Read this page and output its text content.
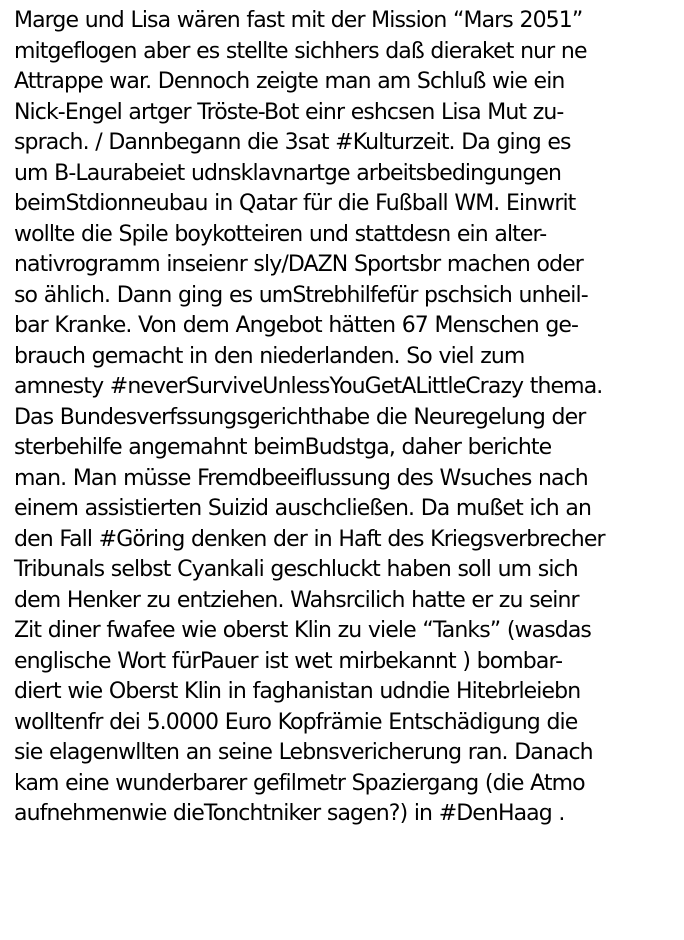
Marge und Lisa wären fast mit der Mission “Mars 2051”
mitgeflogen aber es stellte sichhers daß dieraket nur ne
Attrappe war. Dennoch zeigte man am Schluß wie ein
Nick-Engel artger Tröste-Bot einr eshcsen Lisa Mut zu-
sprach. / Dannbegann die 3sat #Kulturzeit. Da ging es
um B-Laurabeiet udnsklavnartge arbeitsbedingungen
beimStdionneubau in Qatar für die Fußball WM. Einwrit
wollte die Spile boykotteiren und stattdesn ein alter-
nativrogramm inseienr sly/DAZN Sportsbr machen oder
so ählich. Dann ging es umStrebhilfefür pschsich unheil-
bar Kranke. Von dem Angebot hätten 67 Menschen ge-
brauch gemacht in den niederlanden. So viel zum
amnesty #neverSurviveUnlessYouGetALittleCrazy thema.
Das Bundesverfssungsgerichthabe die Neuregelung der
sterbehilfe angemahnt beimBudstga, daher berichte
man. Man müsse Fremdbeeiflussung des Wsuches nach
einem assistierten Suizid auschcließen. Da mußet ich an
den Fall #Göring denken der in Haft des Kriegsverbrecher
Tribunals selbst Cyankali geschluckt haben soll um sich
dem Henker zu entziehen. Wahsrcilich hatte er zu seinr
Zit diner fwafee wie oberst Klin zu viele “Tanks” (wasdas
englische Wort fürPauer ist wet mirbekannt ) bombar-
diert wie Oberst Klin in faghanistan udndie Hitebrleiebn
wolltenfr dei 5.0000 Euro Kopfrämie Entschädigung die
sie elagenwllten an seine Lebnsvericherung ran. Danach
kam eine wunderbarer gefilmetr Spaziergang (die Atmo
aufnehmenwie dieTonchtniker sagen?) in #DenHaag .
